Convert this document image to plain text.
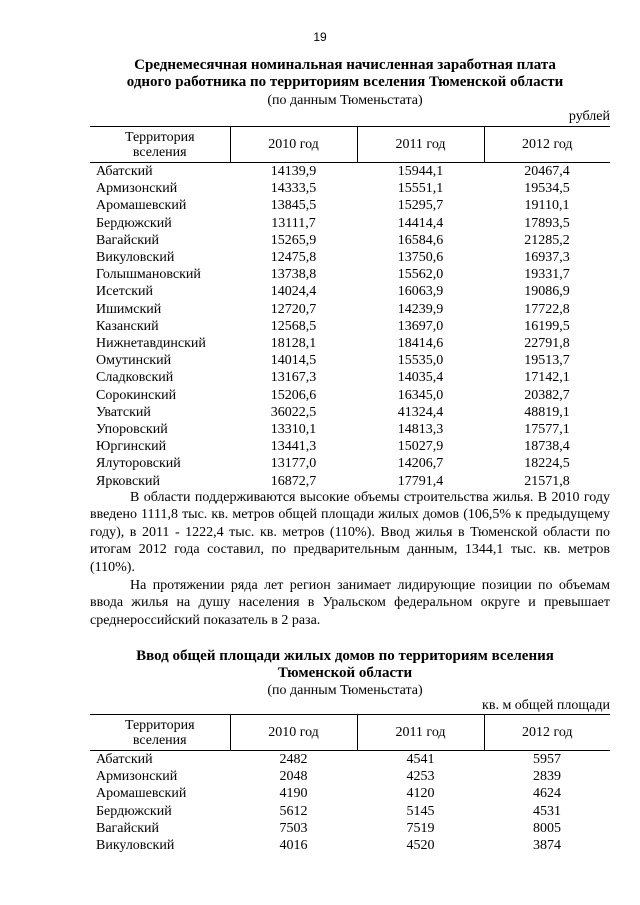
19
Среднемесячная номинальная начисленная заработная плата
одного работника по территориям вселения Тюменской области
(по данным Тюменьстата)
рублей
Территория
вселения	2010 год	2011 год	2012 год
Абатский	14139,9	15944,1	20467,4
Армизонский	14333,5	15551,1	19534,5
Аромашевский	13845,5	15295,7	19110,1
Бердюжский	13111,7	14414,4	17893,5
Вагайский	15265,9	16584,6	21285,2
Викуловский	12475,8	13750,6	16937,3
Голышмановский	13738,8	15562,0	19331,7
Исетский	14024,4	16063,9	19086,9
Ишимский	12720,7	14239,9	17722,8
Казанский	12568,5	13697,0	16199,5
Нижнетавдинский	18128,1	18414,6	22791,8
Омутинский	14014,5	15535,0	19513,7
Сладковский	13167,3	14035,4	17142,1
Сорокинский	15206,6	16345,0	20382,7
Уватский	36022,5	41324,4	48819,1
Упоровский	13310,1	14813,3	17577,1
Юргинский	13441,3	15027,9	18738,4
Ялуторовский	13177,0	14206,7	18224,5
Ярковский	16872,7	17791,4	21571,8

В области поддерживаются высокие объемы строительства жилья. В 2010 году введено 1111,8 тыс. кв. метров общей площади жилых домов (106,5% к предыдущему году), в 2011 - 1222,4 тыс. кв. метров (110%). Ввод жилья в Тюменской области по итогам 2012 года составил, по предварительным данным, 1344,1 тыс. кв. метров (110%).

На протяжении ряда лет регион занимает лидирующие позиции по объемам ввода жилья на душу населения в Уральском федеральном округе и превышает среднероссийский показатель в 2 раза.

Ввод общей площади жилых домов по территориям вселения
Тюменской области
(по данным Тюменьстата)
кв. м общей площади
Территория
вселения	2010 год	2011 год	2012 год
Абатский	2482	4541	5957
Армизонский	2048	4253	2839
Аромашевский	4190	4120	4624
Бердюжский	5612	5145	4531
Вагайский	7503	7519	8005
Викуловский	4016	4520	3874
